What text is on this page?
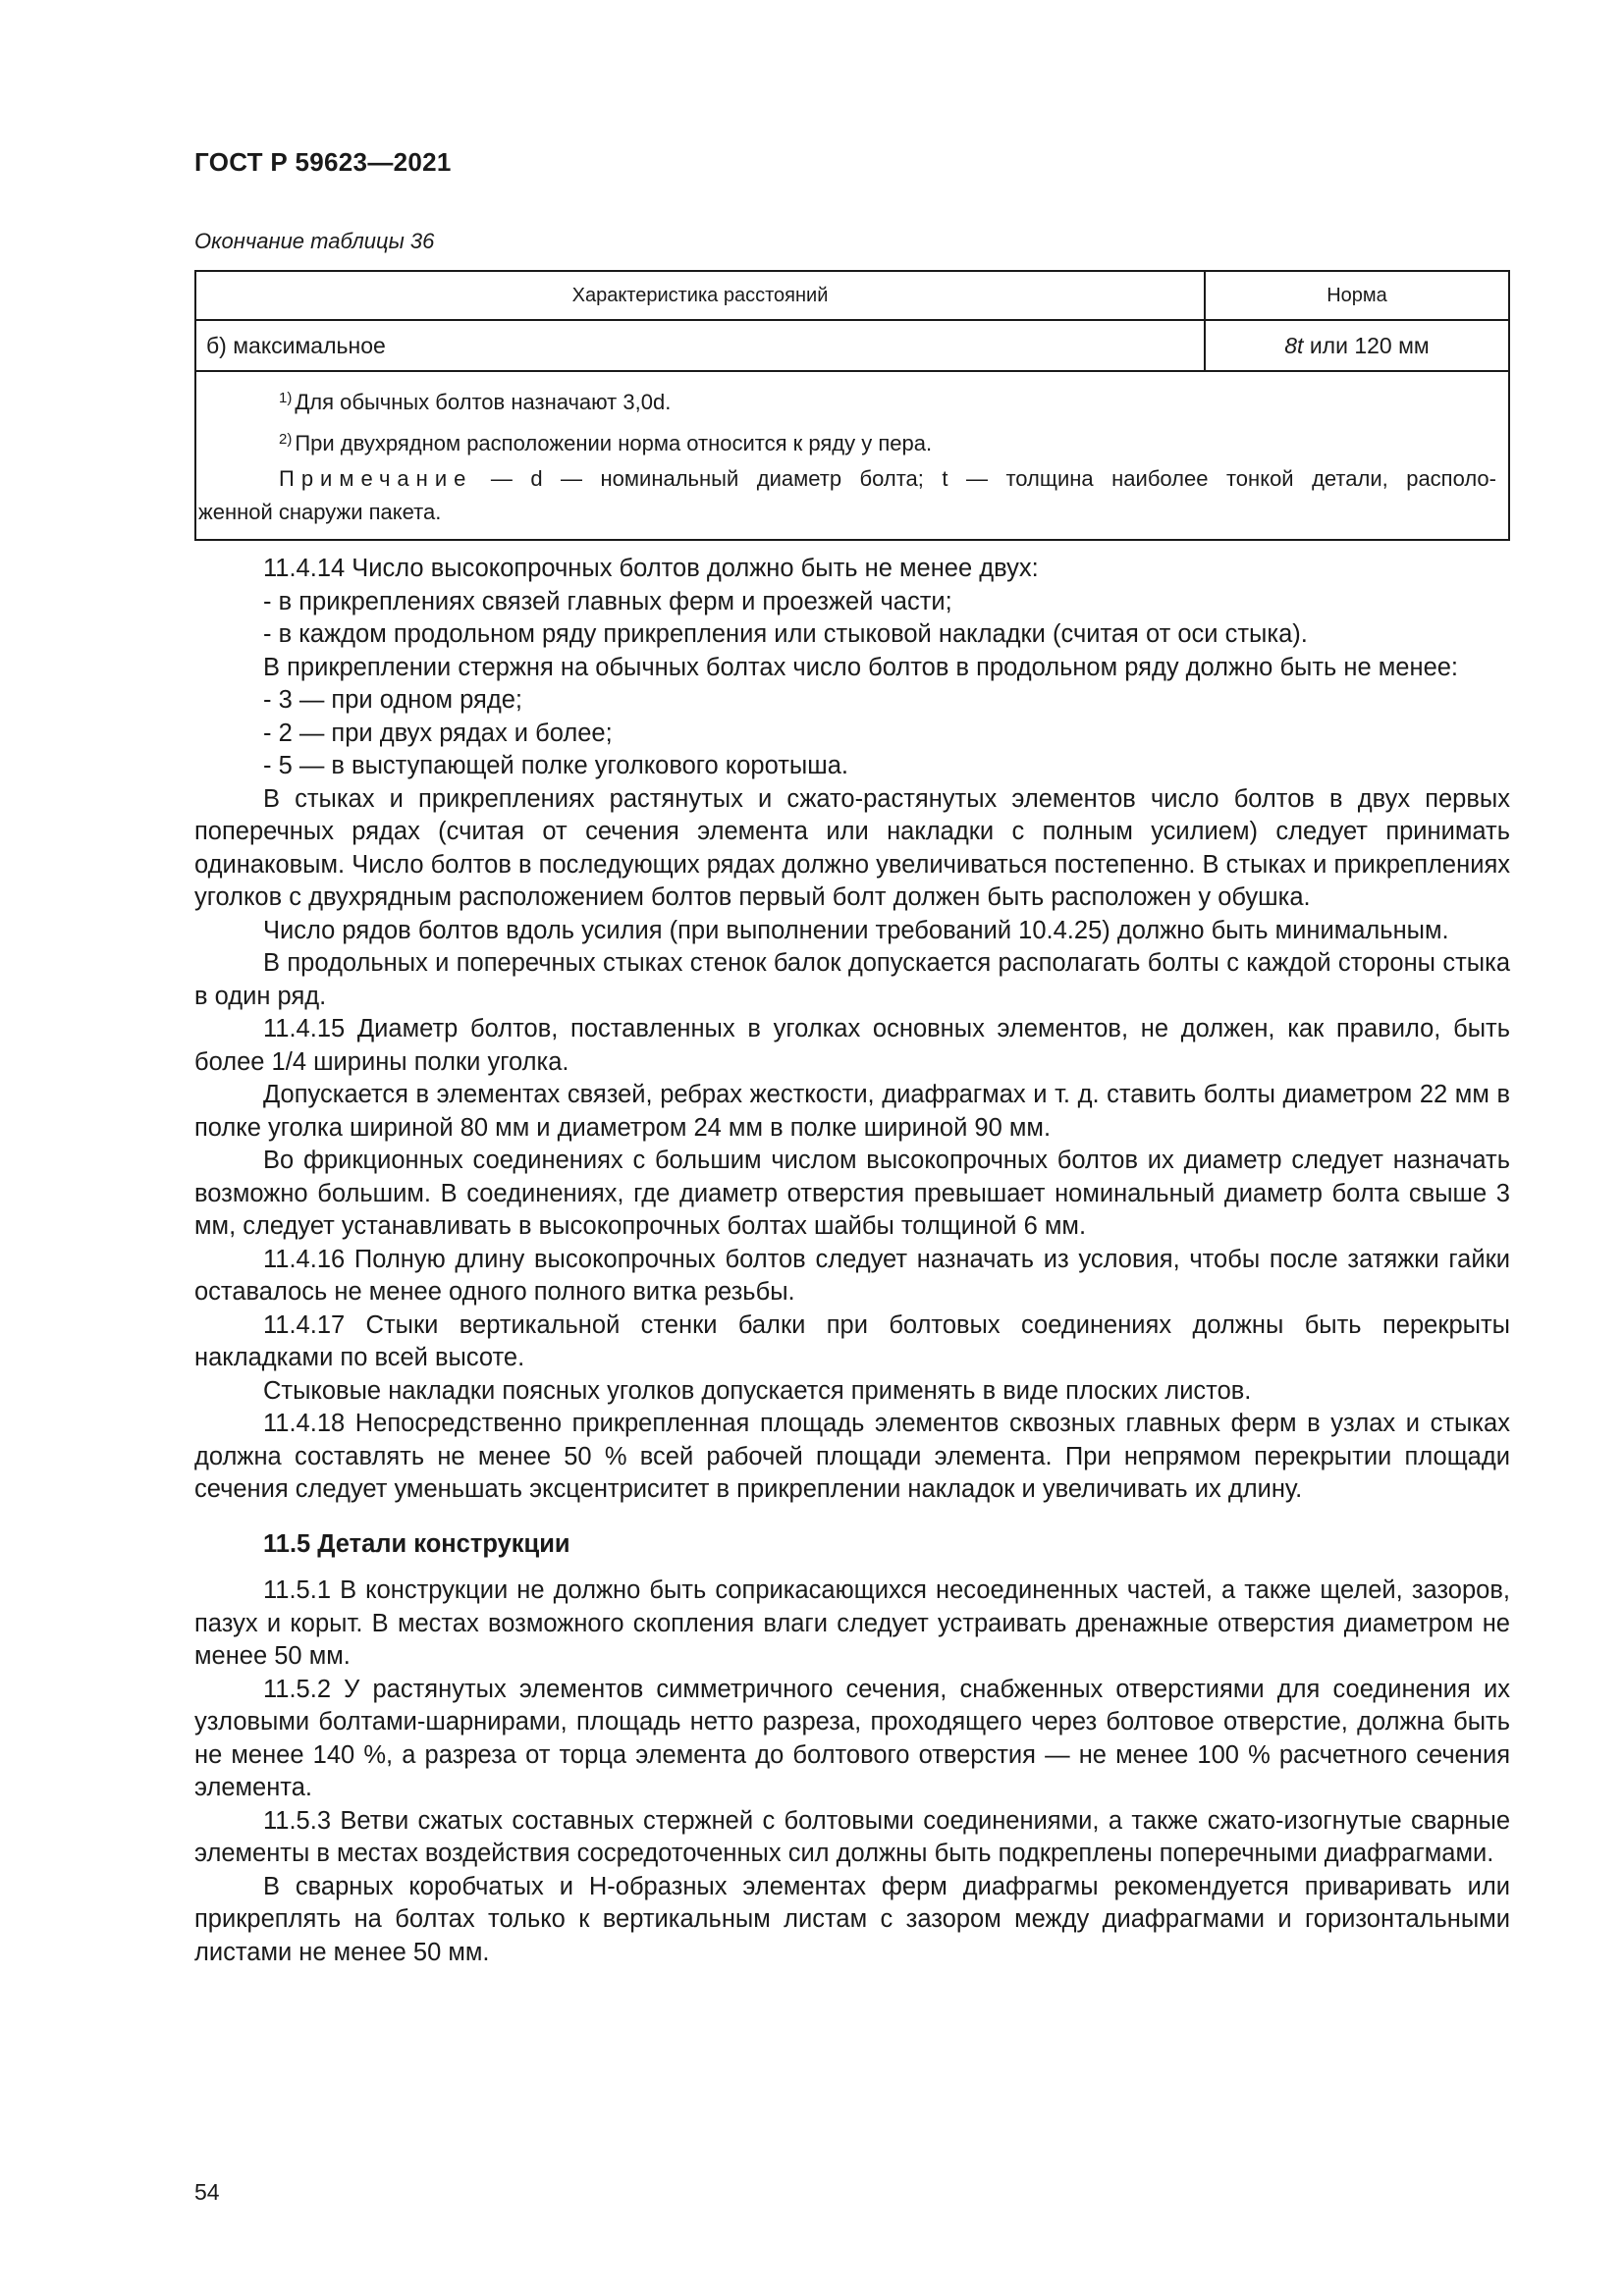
ГОСТ Р 59623—2021
Окончание таблицы 36
Характеристика расстояний	Норма
б) максимальное	8t или 120 мм
$^{1)}$ Для обычных болтов назначают 3,0d.
$^{2)}$ При двухрядном расположении норма относится к ряду у пера.
Примечание — d — номинальный диаметр болта; t — толщина наиболее тонкой детали, располо-
женной снаружи пакета.

11.4.14 Число высокопрочных болтов должно быть не менее двух:

- в прикреплениях связей главных ферм и проезжей части;

- в каждом продольном ряду прикрепления или стыковой накладки (считая от оси стыка).

В прикреплении стержня на обычных болтах число болтов в продольном ряду должно быть не менее:

- 3 — при одном ряде;

- 2 — при двух рядах и более;

- 5 — в выступающей полке уголкового коротыша.

В стыках и прикреплениях растянутых и сжато-растянутых элементов число болтов в двух первых поперечных рядах (считая от сечения элемента или накладки с полным усилием) следует принимать одинаковым. Число болтов в последующих рядах должно увеличиваться постепенно. В стыках и прикреплениях уголков с двухрядным расположением болтов первый болт должен быть расположен у обушка.

Число рядов болтов вдоль усилия (при выполнении требований 10.4.25) должно быть минимальным.

В продольных и поперечных стыках стенок балок допускается располагать болты с каждой стороны стыка в один ряд.

11.4.15 Диаметр болтов, поставленных в уголках основных элементов, не должен, как правило, быть более 1/4 ширины полки уголка.

Допускается в элементах связей, ребрах жесткости, диафрагмах и т. д. ставить болты диаметром 22 мм в полке уголка шириной 80 мм и диаметром 24 мм в полке шириной 90 мм.

Во фрикционных соединениях с большим числом высокопрочных болтов их диаметр следует назначать возможно большим. В соединениях, где диаметр отверстия превышает номинальный диаметр болта свыше 3 мм, следует устанавливать в высокопрочных болтах шайбы толщиной 6 мм.

11.4.16 Полную длину высокопрочных болтов следует назначать из условия, чтобы после затяжки гайки оставалось не менее одного полного витка резьбы.

11.4.17 Стыки вертикальной стенки балки при болтовых соединениях должны быть перекрыты накладками по всей высоте.

Стыковые накладки поясных уголков допускается применять в виде плоских листов.

11.4.18 Непосредственно прикрепленная площадь элементов сквозных главных ферм в узлах и стыках должна составлять не менее 50 % всей рабочей площади элемента. При непрямом перекрытии площади сечения следует уменьшать эксцентриситет в прикреплении накладок и увеличивать их длину.

11.5 Детали конструкции

11.5.1 В конструкции не должно быть соприкасающихся несоединенных частей, а также щелей, зазоров, пазух и корыт. В местах возможного скопления влаги следует устраивать дренажные отверстия диаметром не менее 50 мм.

11.5.2 У растянутых элементов симметричного сечения, снабженных отверстиями для соединения их узловыми болтами-шарнирами, площадь нетто разреза, проходящего через болтовое отверстие, должна быть не менее 140 %, а разреза от торца элемента до болтового отверстия — не менее 100 % расчетного сечения элемента.

11.5.3 Ветви сжатых составных стержней с болтовыми соединениями, а также сжато-изогнутые сварные элементы в местах воздействия сосредоточенных сил должны быть подкреплены поперечными диафрагмами.

В сварных коробчатых и Н-образных элементах ферм диафрагмы рекомендуется приваривать или прикреплять на болтах только к вертикальным листам с зазором между диафрагмами и горизонтальными листами не менее 50 мм.

54
